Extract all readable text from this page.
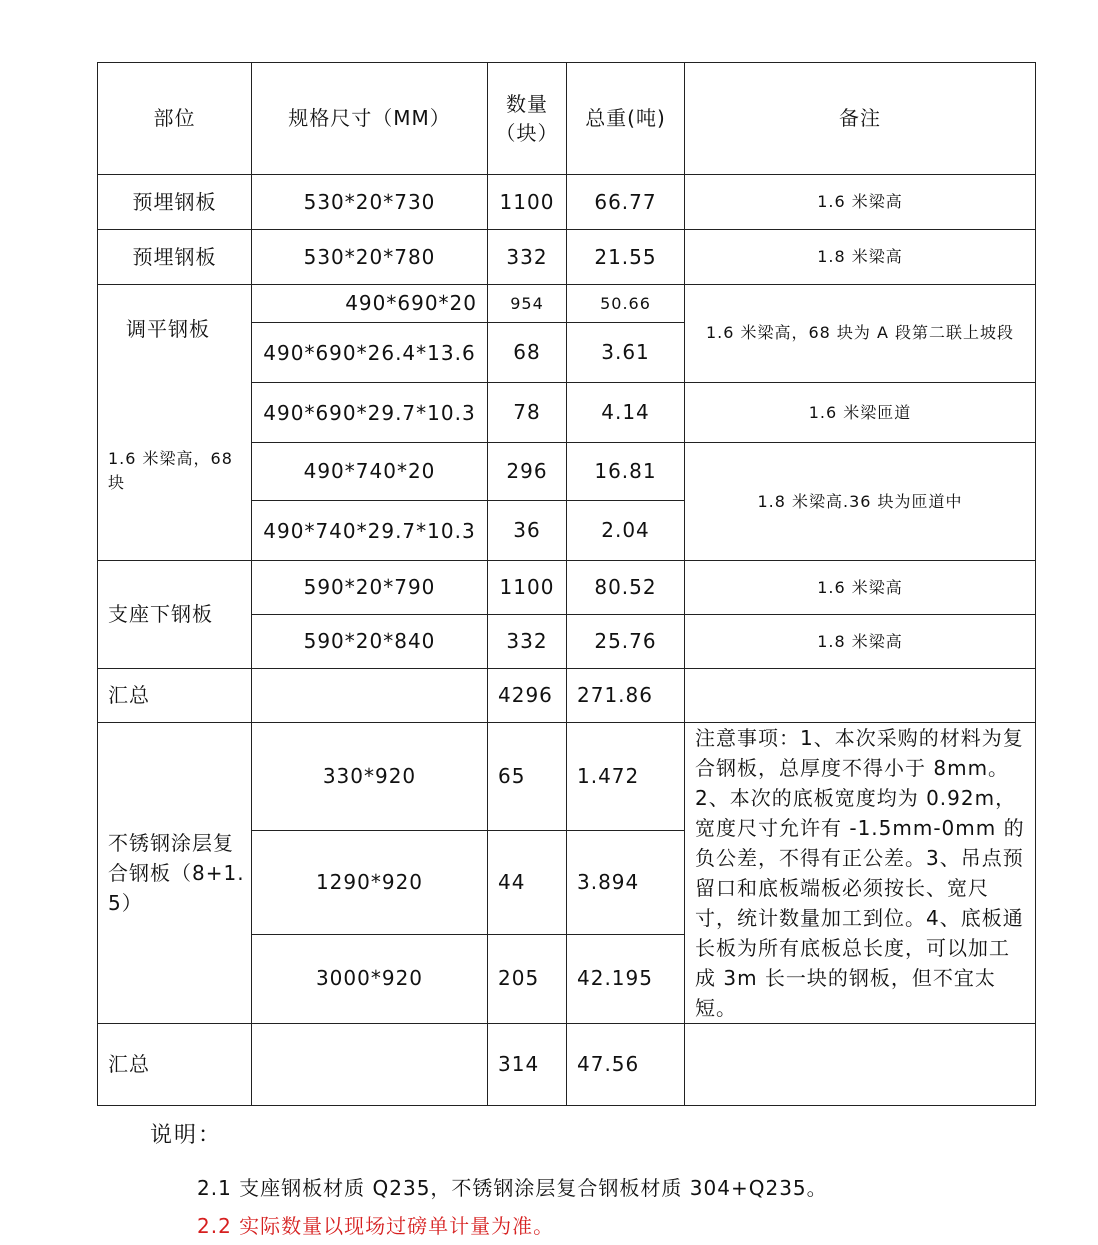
部位	规格尺寸（MM）	数量（块）	总重(吨)	备注
预埋钢板	530*20*730	1100	66.77	1.6 米梁高
预埋钢板	530*20*780	332	21.55	1.8 米梁高

调平钢板
1.6 米梁高，68 块	490*690*20	954	50.66	1.6 米梁高，68 块为 A 段第二联上坡段
	490*690*26.4*13.6	68	3.61	
	490*690*29.7*10.3	78	4.14	1.6 米梁匝道
	490*740*20	296	16.81	1.8 米梁高.36 块为匝道中
	490*740*29.7*10.3	36	2.04	
支座下钢板	590*20*790	1100	80.52	1.6 米梁高
	590*20*840	332	25.76	1.8 米梁高
汇总		4296	271.86	
不锈钢涂层复合钢板（8+1.5）	330*920	65	1.472	注意事项：1、本次采购的材料为复合钢板，总厚度不得小于 8mm。2、本次的底板宽度均为 0.92m，宽度尺寸允许有 -1.5mm-0mm 的负公差，不得有正公差。3、吊点预留口和底板端板必须按长、宽尺寸，统计数量加工到位。4、底板通长板为所有底板总长度，可以加工成 3m 长一块的钢板，但不宜太短。
	1290*920	44	3.894	
	3000*920	205	42.195	
汇总		314	47.56	
说明：
2.1 支座钢板材质 Q235，不锈钢涂层复合钢板材质 304+Q235。
2.2 实际数量以现场过磅单计量为准。
